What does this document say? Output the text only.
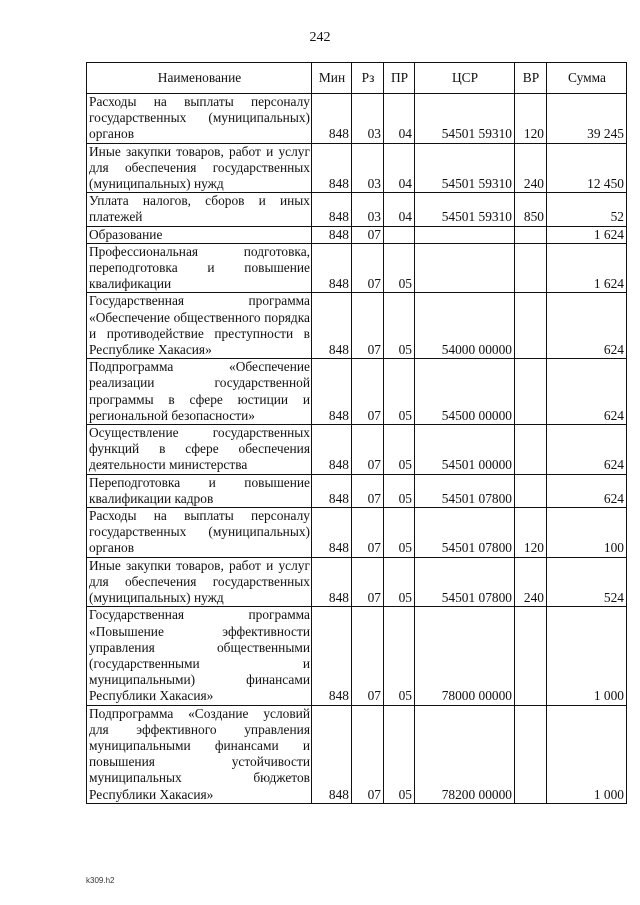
242
Наименование	Мин	Рз	ПР	ЦСР	ВР	Сумма
Расходы на выплаты персоналу государственных (муниципальных) органов	848	03	04	54501 59310	120	39 245
Иные закупки товаров, работ и услуг для обеспечения государственных (муниципальных) нужд	848	03	04	54501 59310	240	12 450
Уплата налогов, сборов и иных платежей	848	03	04	54501 59310	850	52
Образование	848	07				1 624
Профессиональная подготовка, переподготовка и повышение квалификации	848	07	05			1 624
Государственная программа «Обеспечение общественного порядка и противодействие преступности в Республике Хакасия»	848	07	05	54000 00000		624
Подпрограмма «Обеспечение реализации государственной программы в сфере юстиции и региональной безопасности»	848	07	05	54500 00000		624
Осуществление государственных функций в сфере обеспечения деятельности министерства	848	07	05	54501 00000		624
Переподготовка и повышение квалификации кадров	848	07	05	54501 07800		624
Расходы на выплаты персоналу государственных (муниципальных) органов	848	07	05	54501 07800	120	100
Иные закупки товаров, работ и услуг для обеспечения государственных (муниципальных) нужд	848	07	05	54501 07800	240	524
Государственная программа «Повышение эффективности управления общественными (государственными и муниципальными) финансами Республики Хакасия»	848	07	05	78000 00000		1 000
Подпрограмма «Создание условий для эффективного управления муниципальными финансами и повышения устойчивости муниципальных бюджетов Республики Хакасия»	848	07	05	78200 00000		1 000
k309.h2
